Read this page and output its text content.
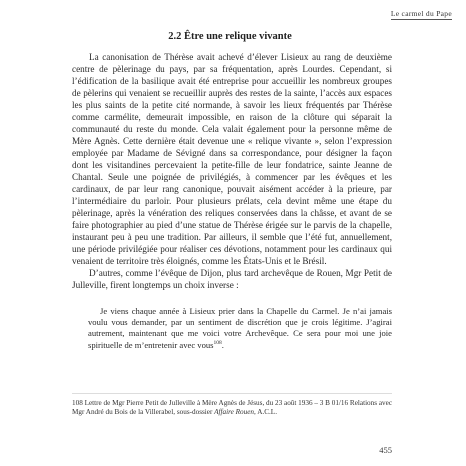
Le carmel du Pape
2.2 Être une relique vivante

La canonisation de Thérèse avait achevé d’élever Lisieux au rang de deuxième centre de pèlerinage du pays, par sa fréquentation, après Lourdes. Cependant, si l’édification de la basilique avait été entreprise pour accueillir les nombreux groupes de pèlerins qui venaient se recueillir auprès des restes de la sainte, l’accès aux espaces les plus saints de la petite cité normande, à savoir les lieux fréquentés par Thérèse comme carmélite, demeurait impossible, en raison de la clôture qui séparait la communauté du reste du monde. Cela valait également pour la personne même de Mère Agnès. Cette dernière était devenue une « relique vivante », selon l’expression employée par Madame de Sévigné dans sa correspondance, pour désigner la façon dont les visitandines percevaient la petite-fille de leur fondatrice, sainte Jeanne de Chantal. Seule une poignée de privilégiés, à commencer par les évêques et les cardinaux, de par leur rang canonique, pouvait aisément accéder à la prieure, par l’intermédiaire du parloir. Pour plusieurs prélats, cela devint même une étape du pèlerinage, après la vénération des reliques conservées dans la châsse, et avant de se faire photographier au pied d’une statue de Thérèse érigée sur le parvis de la chapelle, instaurant peu à peu une tradition. Par ailleurs, il semble que l’été fut, annuellement, une période privilégiée pour réaliser ces dévotions, notamment pour les cardinaux qui venaient de territoire très éloignés, comme les États-Unis et le Brésil.

D’autres, comme l’évêque de Dijon, plus tard archevêque de Rouen, Mgr Petit de Julleville, firent longtemps un choix inverse :

Je viens chaque année à Lisieux prier dans la Chapelle du Carmel. Je n’ai jamais voulu vous demander, par un sentiment de discrétion que je crois légitime. J’agirai autrement, maintenant que me voici votre Archevêque. Ce sera pour moi une joie spirituelle de m’entretenir avec vous$^{108}$.

108 Lettre de Mgr Pierre Petit de Julleville à Mère Agnès de Jésus, du 23 août 1936 – 3 B 01/16 Relations avec Mgr André du Bois de la Villerabel, sous-dossier Affaire Rouen, A.C.L.
455
